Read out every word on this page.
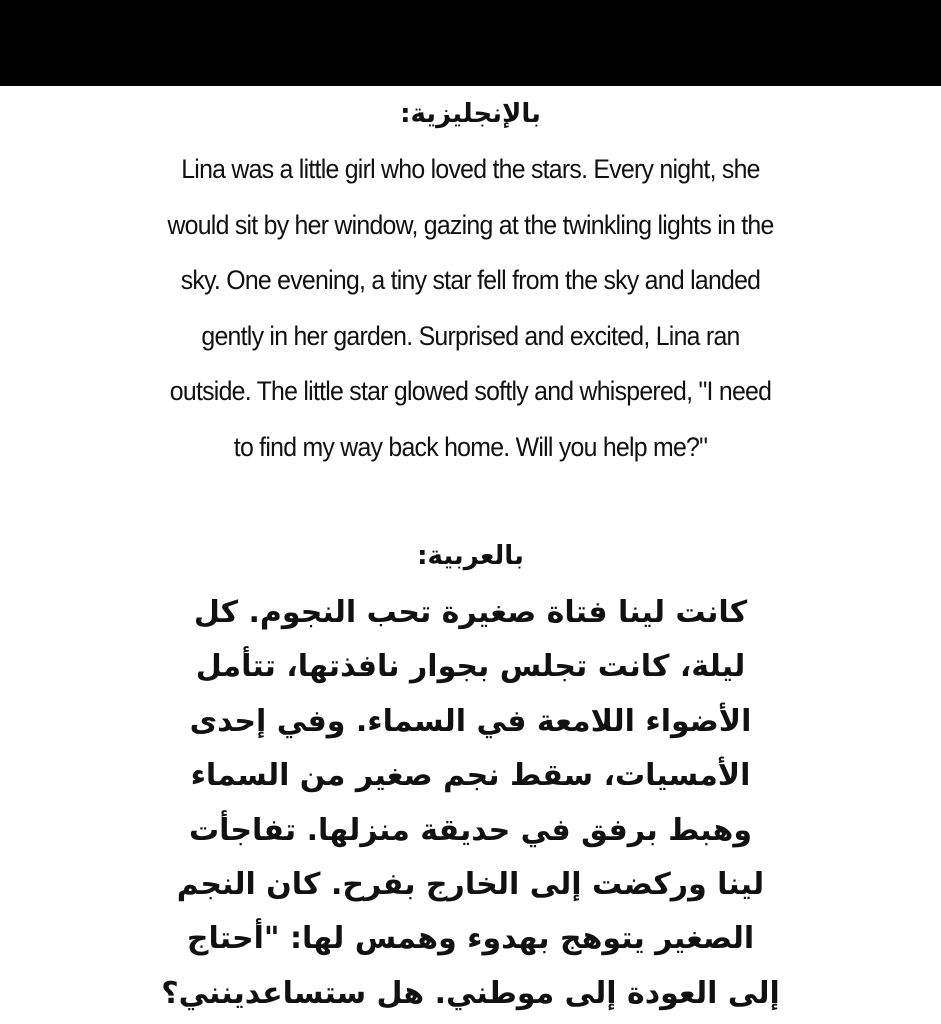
بالإنجليزية:
Lina was a little girl who loved the stars. Every night, she
would sit by her window, gazing at the twinkling lights in the
sky. One evening, a tiny star fell from the sky and landed
gently in her garden. Surprised and excited, Lina ran
outside. The little star glowed softly and whispered, "I need
to find my way back home. Will you help me?"
بالعربية:
كانت لينا فتاة صغيرة تحب النجوم. كل
ليلة، كانت تجلس بجوار نافذتها، تتأمل
الأضواء اللامعة في السماء. وفي إحدى
الأمسيات، سقط نجم صغير من السماء
وهبط برفق في حديقة منزلها. تفاجأت
لينا وركضت إلى الخارج بفرح. كان النجم
الصغير يتوهج بهدوء وهمس لها: "أحتاج
إلى العودة إلى موطني. هل ستساعدينني؟
